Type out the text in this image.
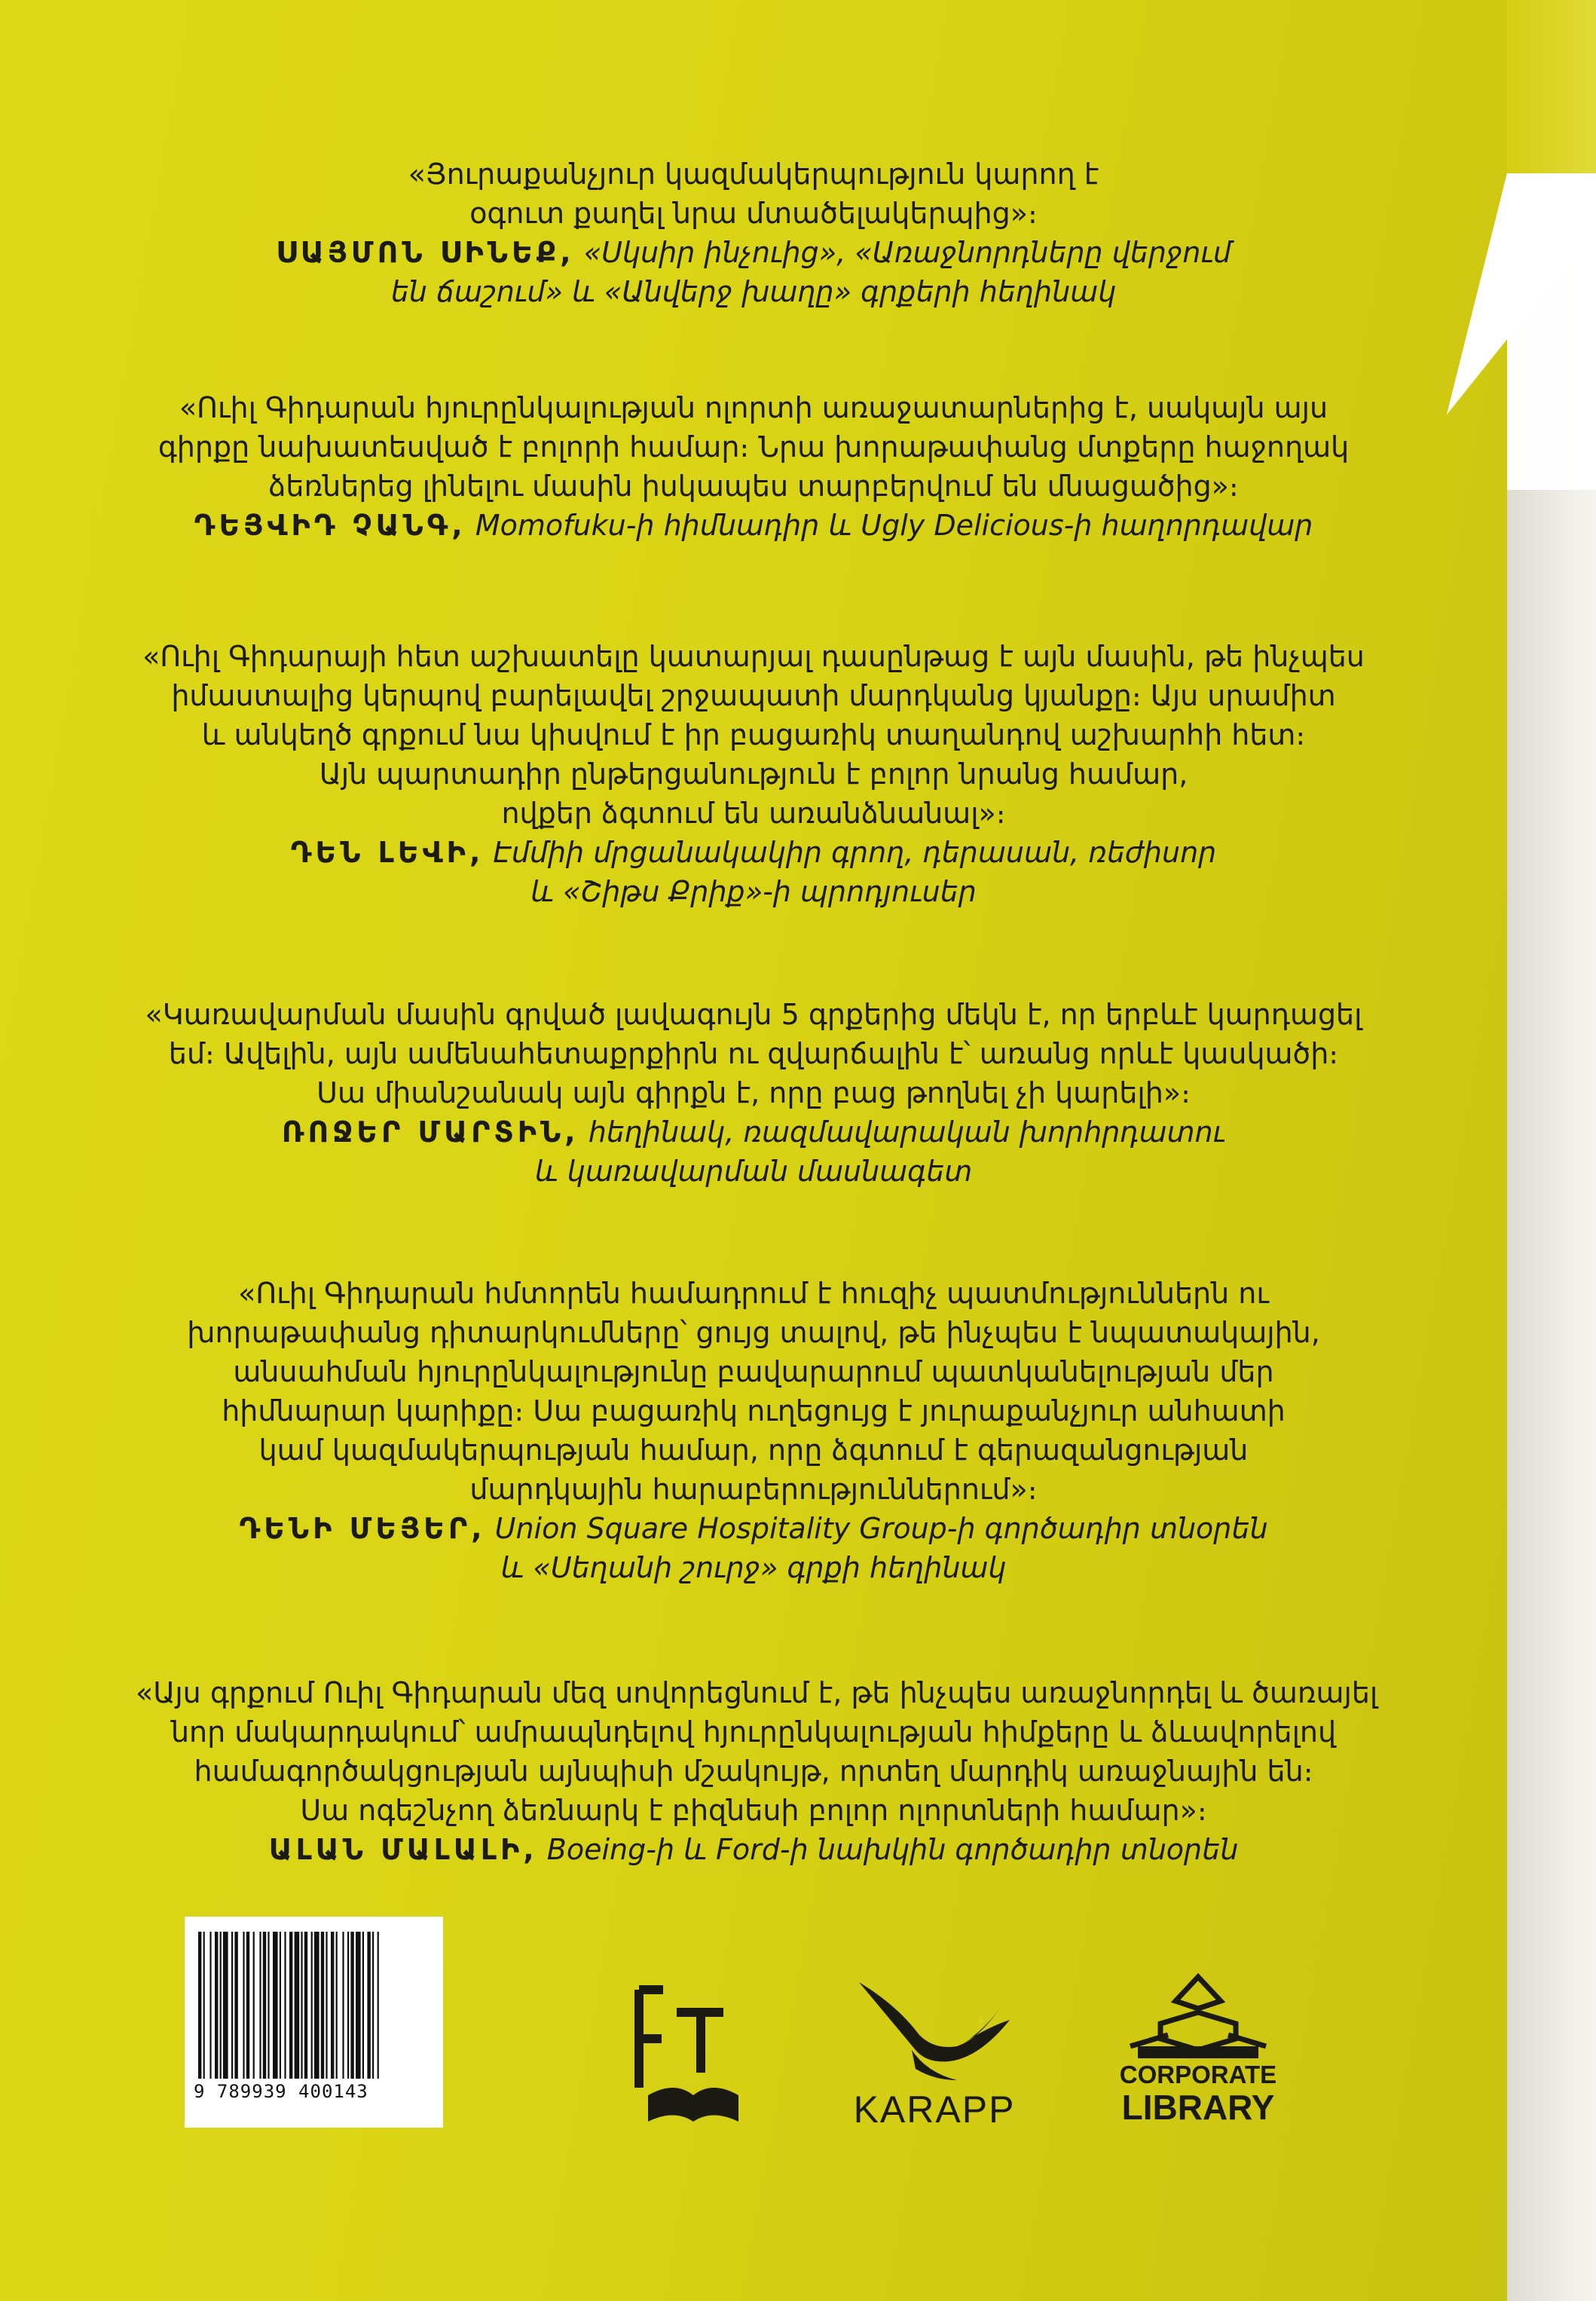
«Յուրաքանչյուր կազմակերպություն կարող է
օգուտ քաղել նրա մտածելակերպից»։
ՍԱՅՄՈՆ ՍԻՆԵՔ, «Սկսիր ինչուից», «Առաջնորդները վերջում
են ճաշում» և «Անվերջ խաղը» գրքերի հեղինակ
«Ուիլ Գիդարան հյուրընկալության ոլորտի առաջատարներից է, սակայն այս
գիրքը նախատեսված է բոլորի համար։ Նրա խորաթափանց մտքերը հաջողակ
ձեռներեց լինելու մասին իսկապես տարբերվում են մնացածից»։
ԴԵՅՎԻԴ ՉԱՆԳ, Momofuku-ի հիմնադիր և Ugly Delicious-ի հաղորդավար
«Ուիլ Գիդարայի հետ աշխատելը կատարյալ դասընթաց է այն մասին, թե ինչպես
իմաստալից կերպով բարելավել շրջապատի մարդկանց կյանքը։ Այս սրամիտ
և անկեղծ գրքում նա կիսվում է իր բացառիկ տաղանդով աշխարհի հետ։
Այն պարտադիր ընթերցանություն է բոլոր նրանց համար,
ովքեր ձգտում են առանձնանալ»։
ԴԵՆ ԼԵՎԻ, Էմմիի մրցանակակիր գրող, դերասան, ռեժիսոր
և «Շիթս Քրիք»-ի պրոդյուսեր
«Կառավարման մասին գրված լավագույն 5 գրքերից մեկն է, որ երբևէ կարդացել
եմ։ Ավելին, այն ամենաhետաքրքիրն ու զվարճալին է՝ առանց որևէ կասկածի։
Սա միանշանակ այն գիրքն է, որը բաց թողնել չի կարելի»։
ՌՈՋԵՐ ՄԱՐՏԻՆ, հեղինակ, ռազմավարական խորհրդատու
և կառավարման մասնագետ
«Ուիլ Գիդարան հմտորեն համադրում է հուզիչ պատմություններն ու
խորաթափանց դիտարկումները՝ ցույց տալով, թե ինչպես է նպատակային,
անսահման հյուրընկալությունը բավարարում պատկանելության մեր
հիմնարար կարիքը։ Սա բացառիկ ուղեցույց է յուրաքանչյուր անհատի
կամ կազմակերպության համար, որը ձգտում է գերազանցության
մարդկային հարաբերություններում»։
ԴԵՆԻ ՄԵՅԵՐ, Union Square Hospitality Group-ի գործադիր տնօրեն
և «Սեղանի շուրջ» գրքի հեղինակ
«Այս գրքում Ուիլ Գիդարան մեզ սովորեցնում է, թե ինչպես առաջնորդել և ծառայել
նոր մակարդակում՝ ամրապնդելով հյուրընկալության հիմքերը և ձևավորելով
համագործակցության այնպիսի մշակույթ, որտեղ մարդիկ առաջնային են։
Սա ոգեշնչող ձեռնարկ է բիզնեսի բոլոր ոլորտների համար»։
ԱԼԱՆ ՄԱԼԱԼԻ, Boeing-ի և Ford-ի նախկին գործադիր տնօրեն
9 789939 400143	KARAPP
CORPORATE
LIBRARY
